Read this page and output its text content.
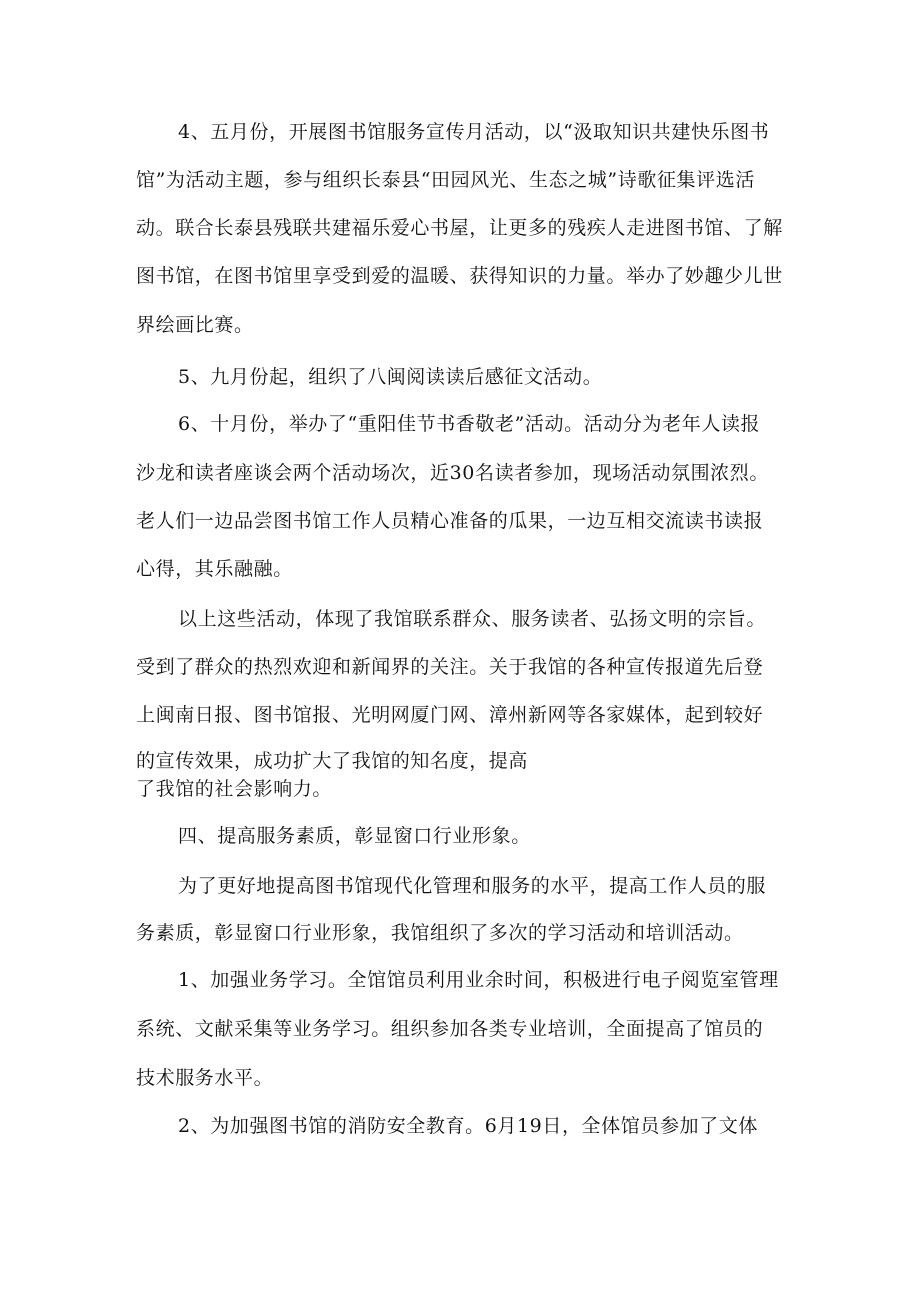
4、五月份，开展图书馆服务宣传月活动，以“汲取知识共建快乐图书
馆”为活动主题，参与组织长泰县“田园风光、生态之城”诗歌征集评选活
动。联合长泰县残联共建福乐爱心书屋，让更多的残疾人走进图书馆、了解
图书馆，在图书馆里享受到爱的温暖、获得知识的力量。举办了妙趣少儿世
界绘画比赛。
5、九月份起，组织了八闽阅读读后感征文活动。
6、十月份，举办了“重阳佳节书香敬老”活动。活动分为老年人读报
沙龙和读者座谈会两个活动场次，近30名读者参加，现场活动氛围浓烈。
老人们一边品尝图书馆工作人员精心准备的瓜果，一边互相交流读书读报
心得，其乐融融。
以上这些活动，体现了我馆联系群众、服务读者、弘扬文明的宗旨。
受到了群众的热烈欢迎和新闻界的关注。关于我馆的各种宣传报道先后登
上闽南日报、图书馆报、光明网厦门网、漳州新网等各家媒体，起到较好
的宣传效果，成功扩大了我馆的知名度，提高
了我馆的社会影响力。
四、提高服务素质，彰显窗口行业形象。
为了更好地提高图书馆现代化管理和服务的水平，提高工作人员的服
务素质，彰显窗口行业形象，我馆组织了多次的学习活动和培训活动。
1、加强业务学习。全馆馆员利用业余时间，积极进行电子阅览室管理
系统、文献采集等业务学习。组织参加各类专业培训，全面提高了馆员的
技术服务水平。
2、为加强图书馆的消防安全教育。6月19日，全体馆员参加了文体
